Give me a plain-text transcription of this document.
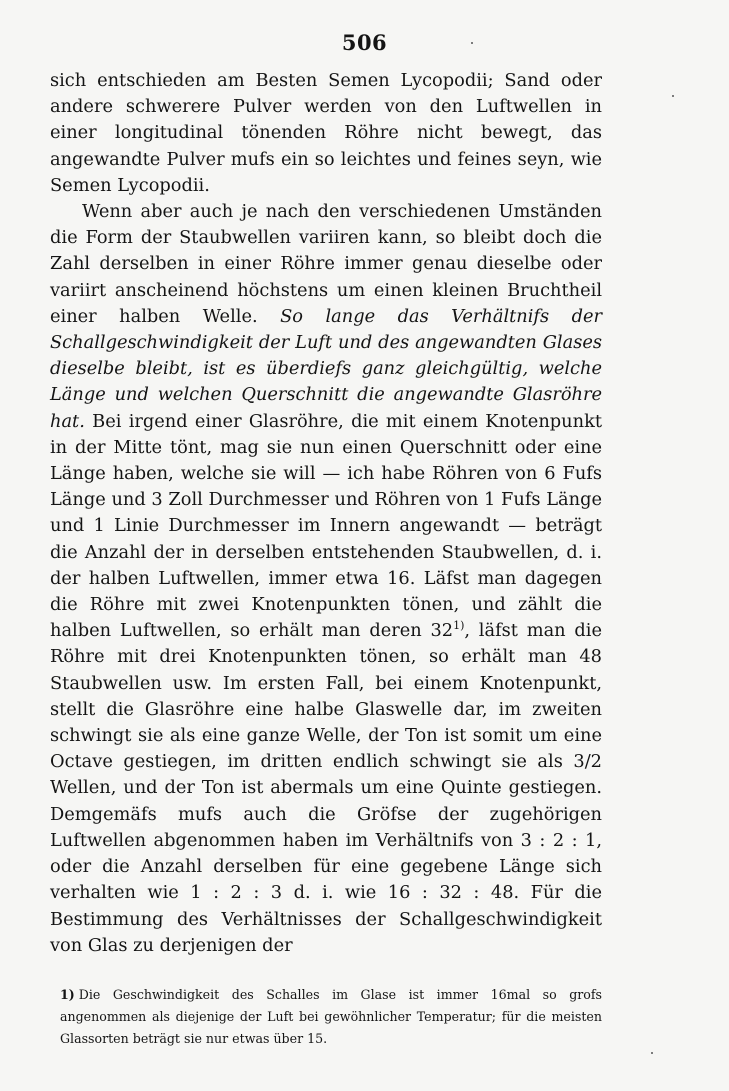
506

sich entschieden am Besten Semen Lycopodii; Sand oder andere schwerere Pulver werden von den Luftwellen in einer longitudinal tönenden Röhre nicht bewegt, das angewandte Pulver mufs ein so leichtes und feines seyn, wie Semen Lycopodii.

Wenn aber auch je nach den verschiedenen Umständen die Form der Staubwellen variiren kann, so bleibt doch die Zahl derselben in einer Röhre immer genau dieselbe oder variirt anscheinend höchstens um einen kleinen Bruchtheil einer halben Welle. So lange das Verhältnifs der Schallgeschwindigkeit der Luft und des angewandten Glases dieselbe bleibt, ist es überdiefs ganz gleichgültig, welche Länge und welchen Querschnitt die angewandte Glasröhre hat. Bei irgend einer Glasröhre, die mit einem Knotenpunkt in der Mitte tönt, mag sie nun einen Querschnitt oder eine Länge haben, welche sie will — ich habe Röhren von 6 Fufs Länge und 3 Zoll Durchmesser und Röhren von 1 Fufs Länge und 1 Linie Durchmesser im Innern angewandt — beträgt die Anzahl der in derselben entstehenden Staubwellen, d. i. der halben Luftwellen, immer etwa 16. Läfst man dagegen die Röhre mit zwei Knotenpunkten tönen, und zählt die halben Luftwellen, so erhält man deren 32$^{1)}$, läfst man die Röhre mit drei Knotenpunkten tönen, so erhält man 48 Staubwellen usw. Im ersten Fall, bei einem Knotenpunkt, stellt die Glasröhre eine halbe Glaswelle dar, im zweiten schwingt sie als eine ganze Welle, der Ton ist somit um eine Octave gestiegen, im dritten endlich schwingt sie als 3/2 Wellen, und der Ton ist abermals um eine Quinte gestiegen. Demgemäfs mufs auch die Gröfse der zugehörigen Luftwellen abgenommen haben im Verhältnifs von 3 : 2 : 1, oder die Anzahl derselben für eine gegebene Länge sich verhalten wie 1 : 2 : 3 d. i. wie 16 : 32 : 48. Für die Bestimmung des Verhältnisses der Schallgeschwindigkeit von Glas zu derjenigen der

1) Die Geschwindigkeit des Schalles im Glase ist immer 16mal so grofs angenommen als diejenige der Luft bei gewöhnlicher Temperatur; für die meisten Glassorten beträgt sie nur etwas über 15.
